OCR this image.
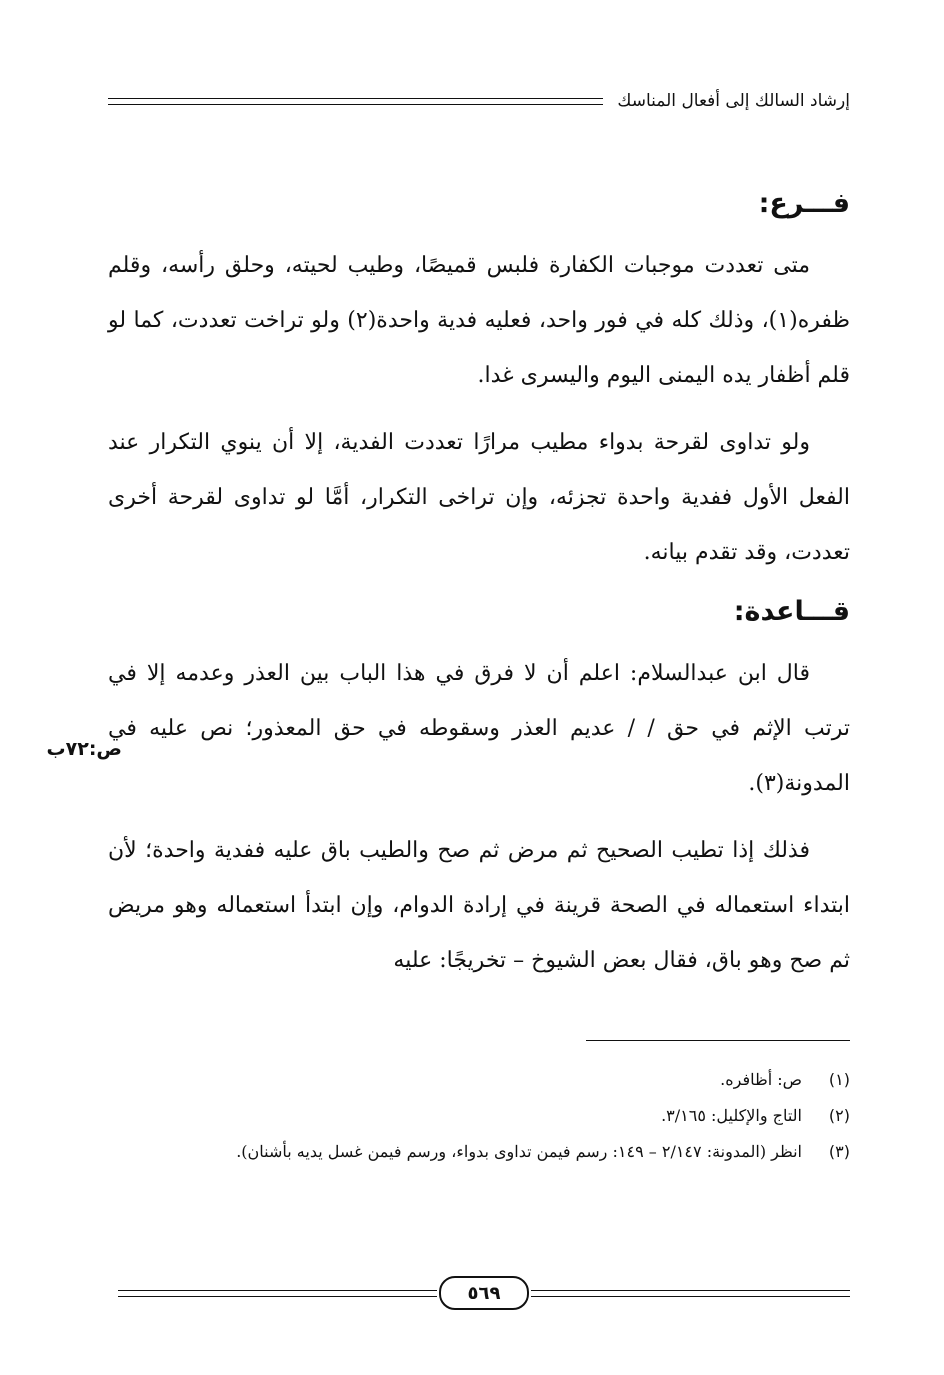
إرشاد السالك إلى أفعال المناسك
فـــرع:

متى تعددت موجبات الكفارة فلبس قميصًا، وطيب لحيته، وحلق رأسه، وقلم ظفره(١)، وذلك كله في فور واحد، فعليه فدية واحدة(٢) ولو تراخت تعددت، كما لو قلم أظفار يده اليمنى اليوم واليسرى غدا.

ولو تداوى لقرحة بدواء مطيب مرارًا تعددت الفدية، إلا أن ينوي التكرار عند الفعل الأول ففدية واحدة تجزئه، وإن تراخى التكرار، أمَّا لو تداوى لقرحة أخرى تعددت، وقد تقدم بيانه.

قـــاعدة:

قال ابن عبدالسلام: اعلم أن لا فرق في هذا الباب بين العذر وعدمه إلا في ترتب الإثم في حق / / عديم العذر وسقوطه في حق المعذور؛ نص عليه في المدونة(٣).

فذلك إذا تطيب الصحيح ثم مرض ثم صح والطيب باق عليه ففدية واحدة؛ لأن ابتداء استعماله في الصحة قرينة في إرادة الدوام، وإن ابتدأ استعماله وهو مريض ثم صح وهو باق، فقال بعض الشيوخ – تخريجًا: عليه

ص:٧٢ب
(١)
ص: أظافره.
(٢)
التاج والإكليل: ٣/١٦٥.
(٣)
انظر (المدونة: ٢/١٤٧ – ١٤٩: رسم فيمن تداوى بدواء، ورسم فيمن غسل يديه بأشنان).
٥٦٩
